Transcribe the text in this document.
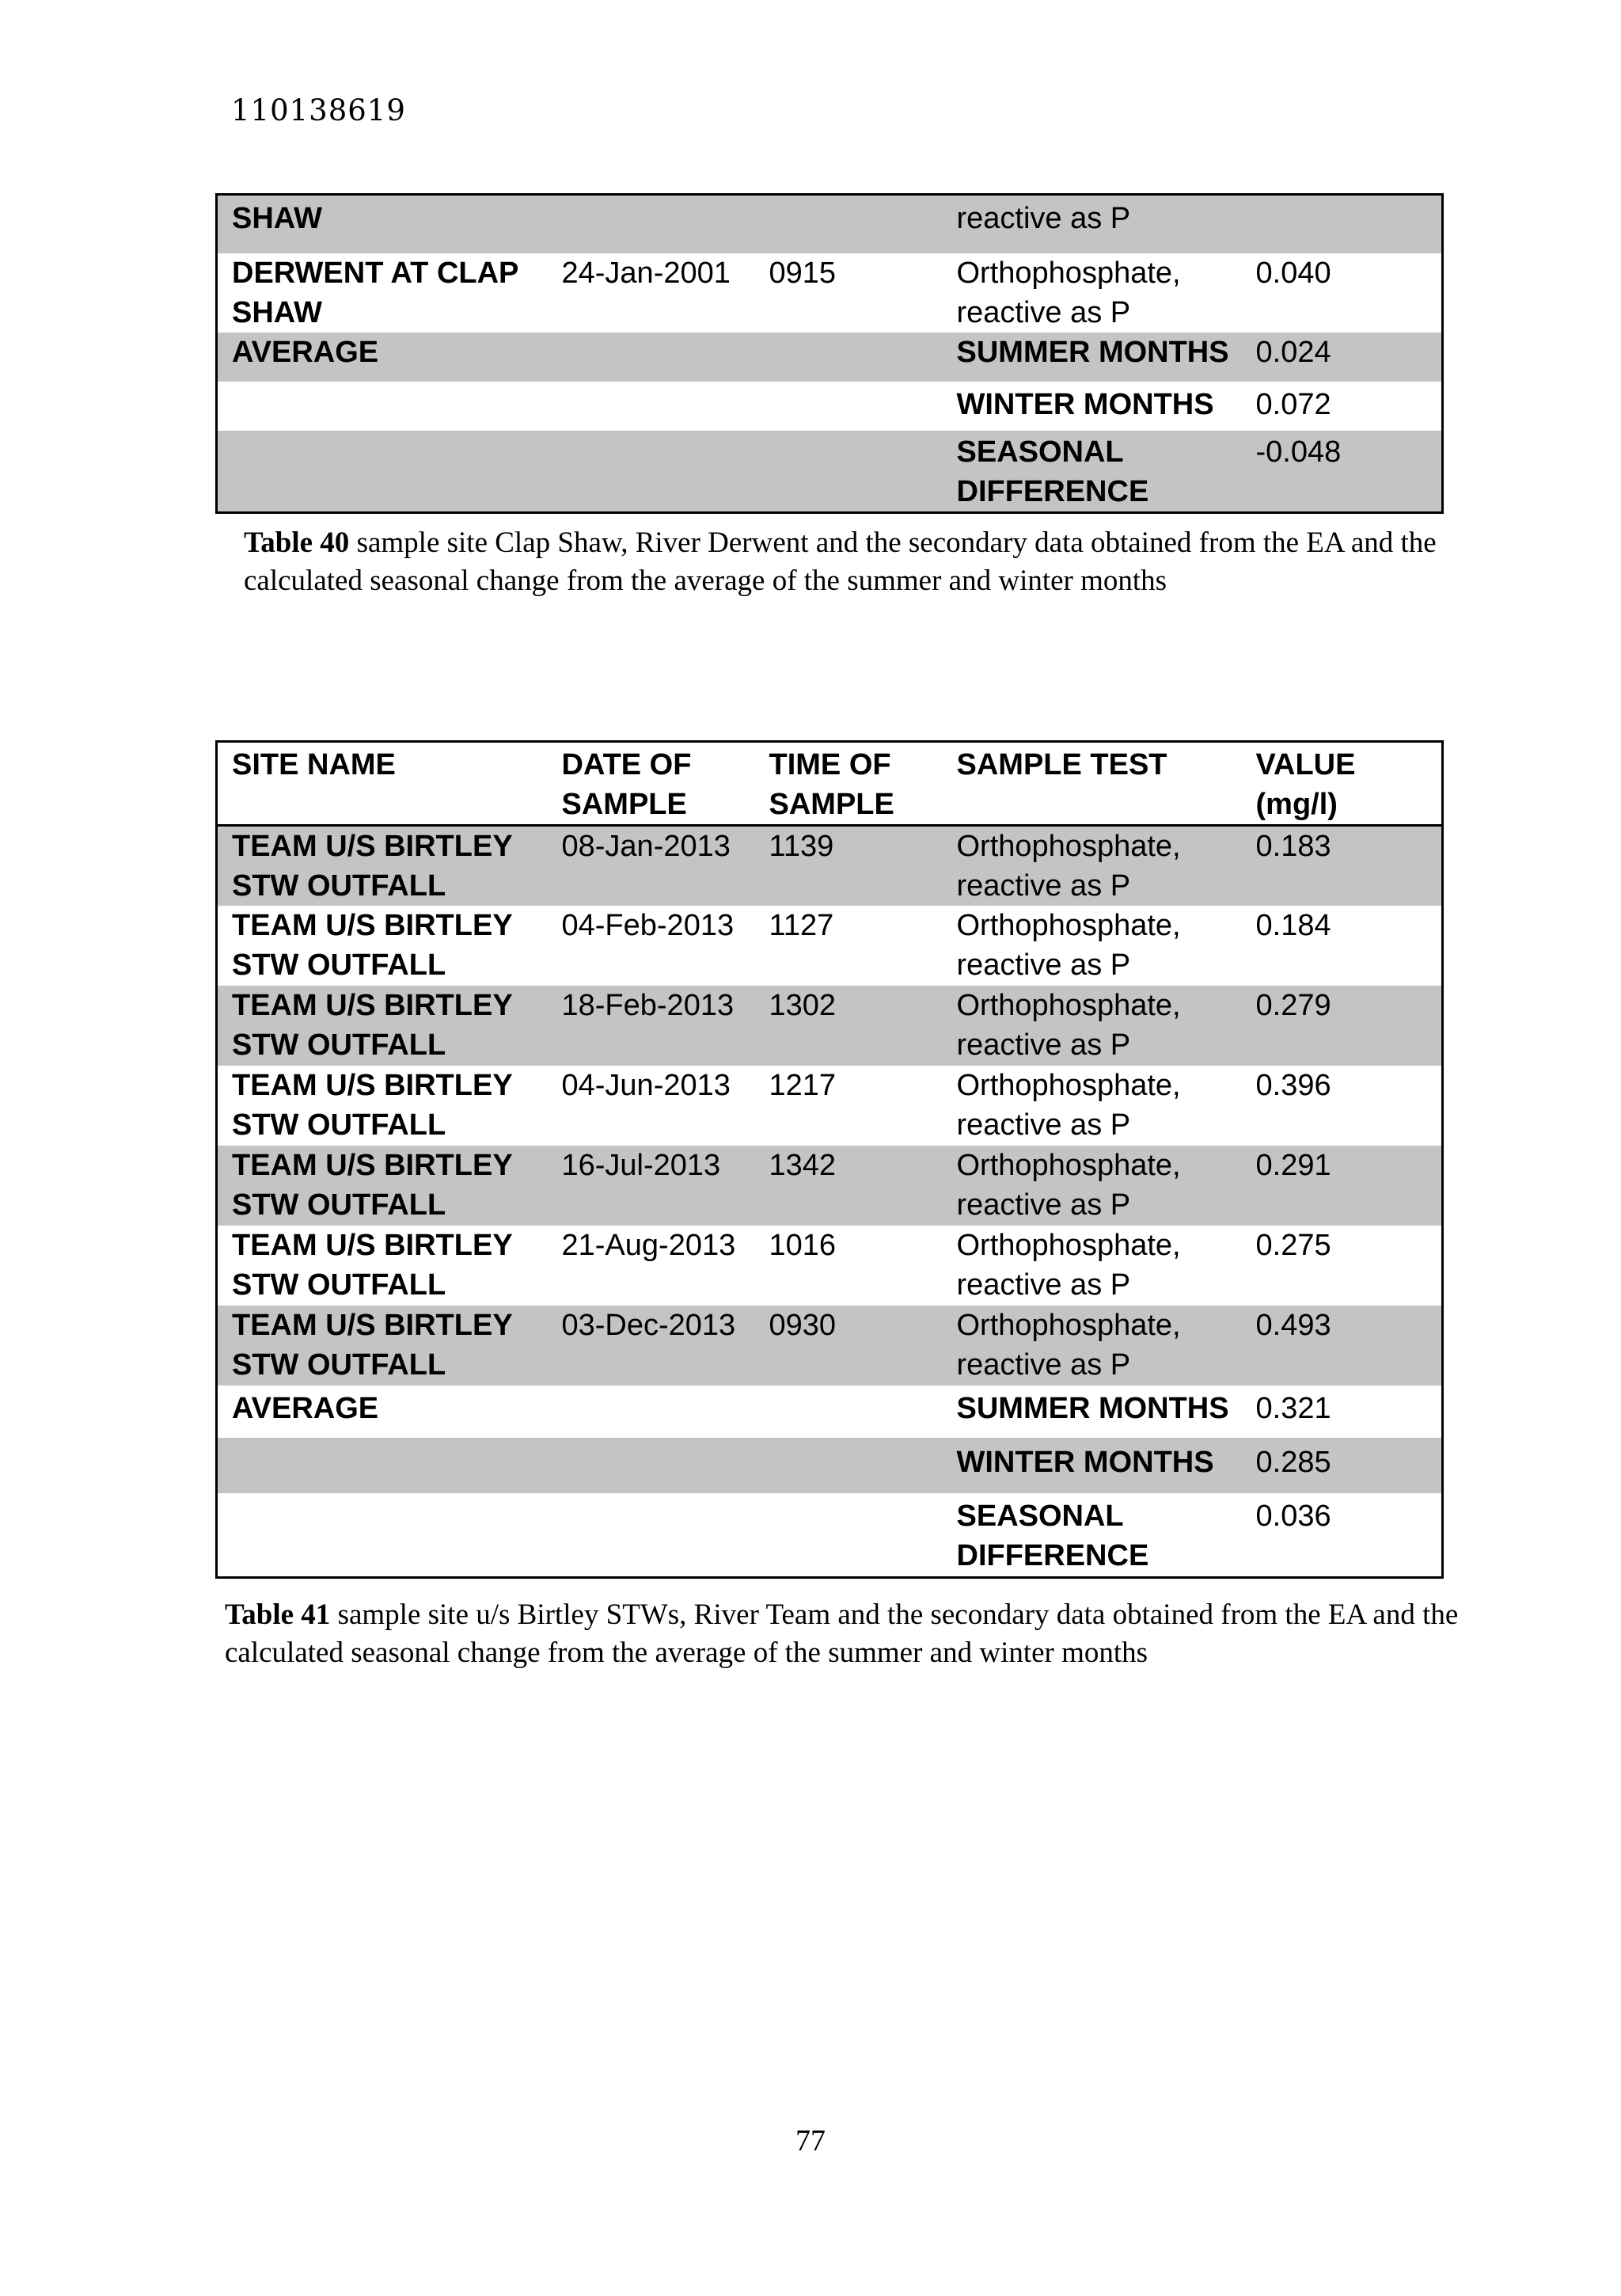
110138619
SHAW			reactive as P	
DERWENT AT CLAP SHAW	24-Jan-2001	0915	Orthophosphate, reactive as P	0.040
AVERAGE			SUMMER MONTHS	0.024
			WINTER MONTHS	0.072
			SEASONAL DIFFERENCE	-0.048
Table 40 sample site Clap Shaw, River Derwent and the secondary data obtained from the EA and the calculated seasonal change from the average of the summer and winter months
SITE NAME	DATE OF SAMPLE	TIME OF SAMPLE	SAMPLE TEST	VALUE (mg/l)
TEAM U/S BIRTLEY STW OUTFALL	08-Jan-2013	1139	Orthophosphate, reactive as P	0.183
TEAM U/S BIRTLEY STW OUTFALL	04-Feb-2013	1127	Orthophosphate, reactive as P	0.184
TEAM U/S BIRTLEY STW OUTFALL	18-Feb-2013	1302	Orthophosphate, reactive as P	0.279
TEAM U/S BIRTLEY STW OUTFALL	04-Jun-2013	1217	Orthophosphate, reactive as P	0.396
TEAM U/S BIRTLEY STW OUTFALL	16-Jul-2013	1342	Orthophosphate, reactive as P	0.291
TEAM U/S BIRTLEY STW OUTFALL	21-Aug-2013	1016	Orthophosphate, reactive as P	0.275
TEAM U/S BIRTLEY STW OUTFALL	03-Dec-2013	0930	Orthophosphate, reactive as P	0.493
AVERAGE			SUMMER MONTHS	0.321
			WINTER MONTHS	0.285
			SEASONAL DIFFERENCE	0.036
Table 41 sample site u/s Birtley STWs, River Team and the secondary data obtained from the EA and the calculated seasonal change from the average of the summer and winter months
77
